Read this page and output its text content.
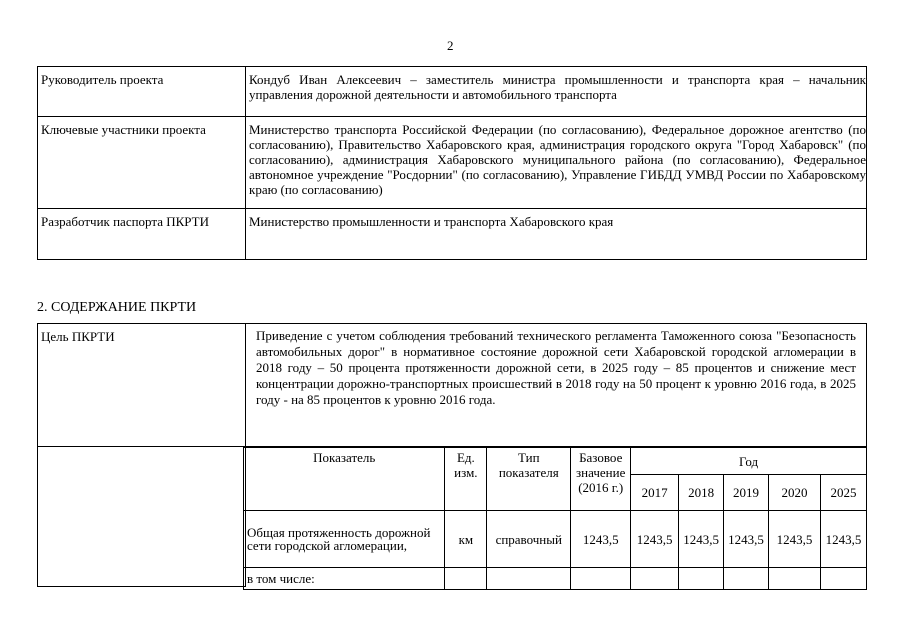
2
Руководитель проекта	Кондуб Иван Алексеевич – заместитель министра промышленности и транспорта края – начальник управления дорожной деятельности и автомобильного транспорта
Ключевые участники проекта	Министерство транспорта Российской Федерации (по согласованию), Федеральное дорожное агентство (по согласованию), Правительство Хабаровского края, администрация городского округа "Город Хабаровск" (по согласованию), администрация Хабаровского муниципального района (по согласованию), Федеральное автономное учреждение "Росдорнии" (по согласованию), Управление ГИБДД УМВД России по Хабаровскому краю (по согласованию)
Разработчик паспорта ПКРТИ	Министерство промышленности и транспорта Хабаровского края
2. СОДЕРЖАНИЕ ПКРТИ
Цель ПКРТИ	Приведение с учетом соблюдения требований технического регламента Таможенного союза "Безопасность автомобильных дорог" в нормативное состояние дорожной сети Хабаровской городской агломерации в 2018 году – 50 процента протяженности дорожной сети, в 2025 году – 85 процентов и снижение мест концентрации дорожно-транспортных происшествий в 2018 году на 50 процент к уровню 2016 года, в 2025 году - на 85 процентов к уровню 2016 года.

Показатель	Ед. изм.	Тип показателя	Базовое значение (2016 г.)	Год				
				2017	2018	2019	2020	2025
Общая протяженность дорожной сети городской агломерации,	км	справочный	1243,5	1243,5	1243,5	1243,5	1243,5	1243,5
в том числе:								
